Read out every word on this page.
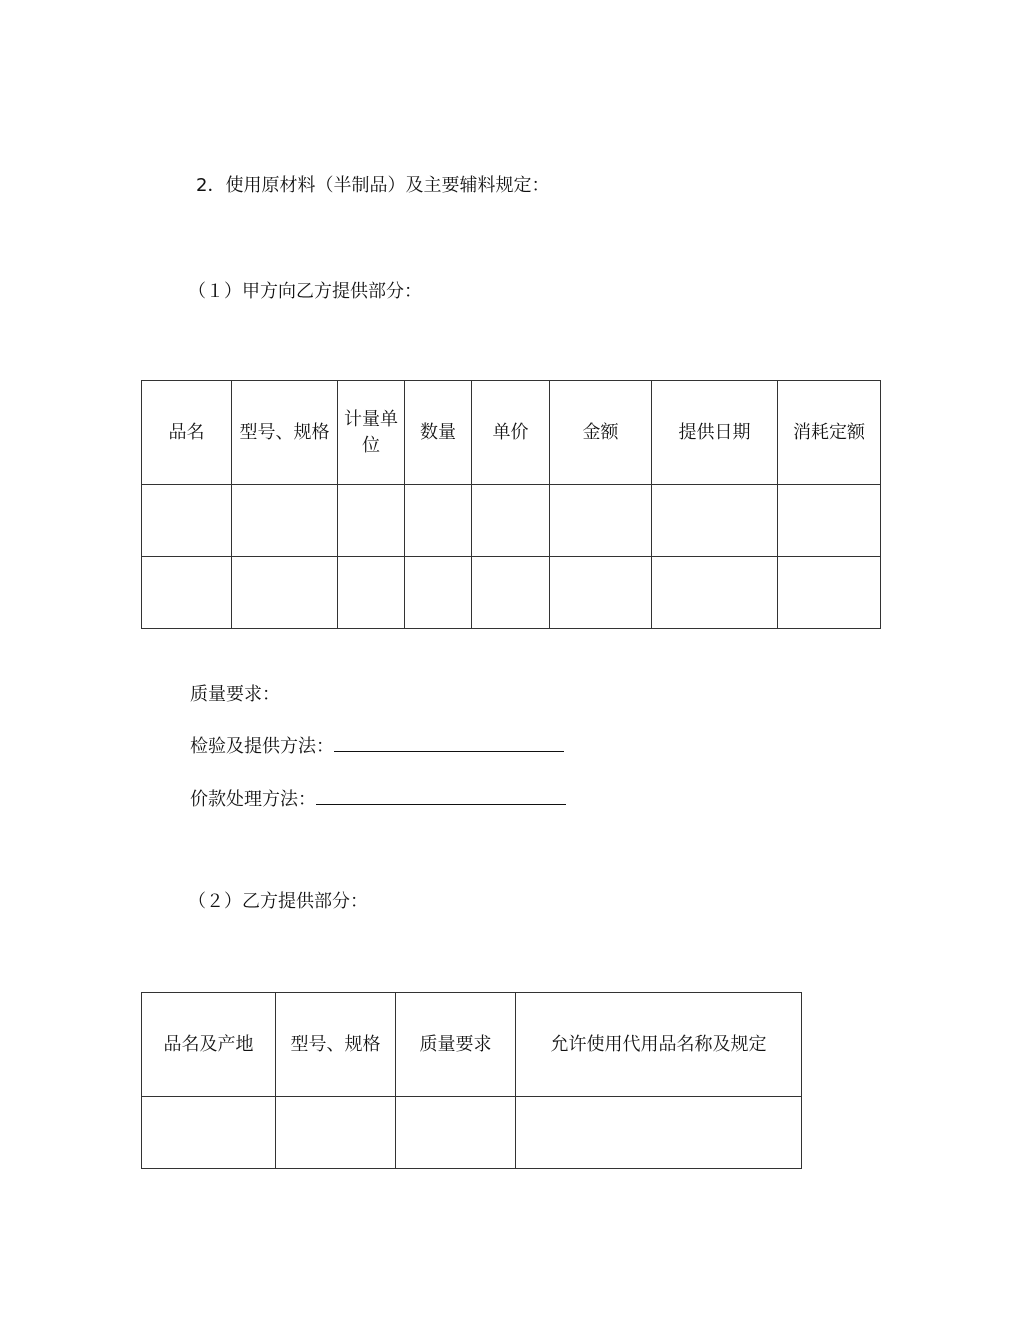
2．使用原材料（半制品）及主要辅料规定：
（１）甲方向乙方提供部分：
品名	型号、规格	计量单位	数量	单价	金额	提供日期	消耗定额

质量要求：
检验及提供方法：
价款处理方法：
（２）乙方提供部分：
品名及产地	型号、规格	质量要求	允许使用代用品名称及规定
